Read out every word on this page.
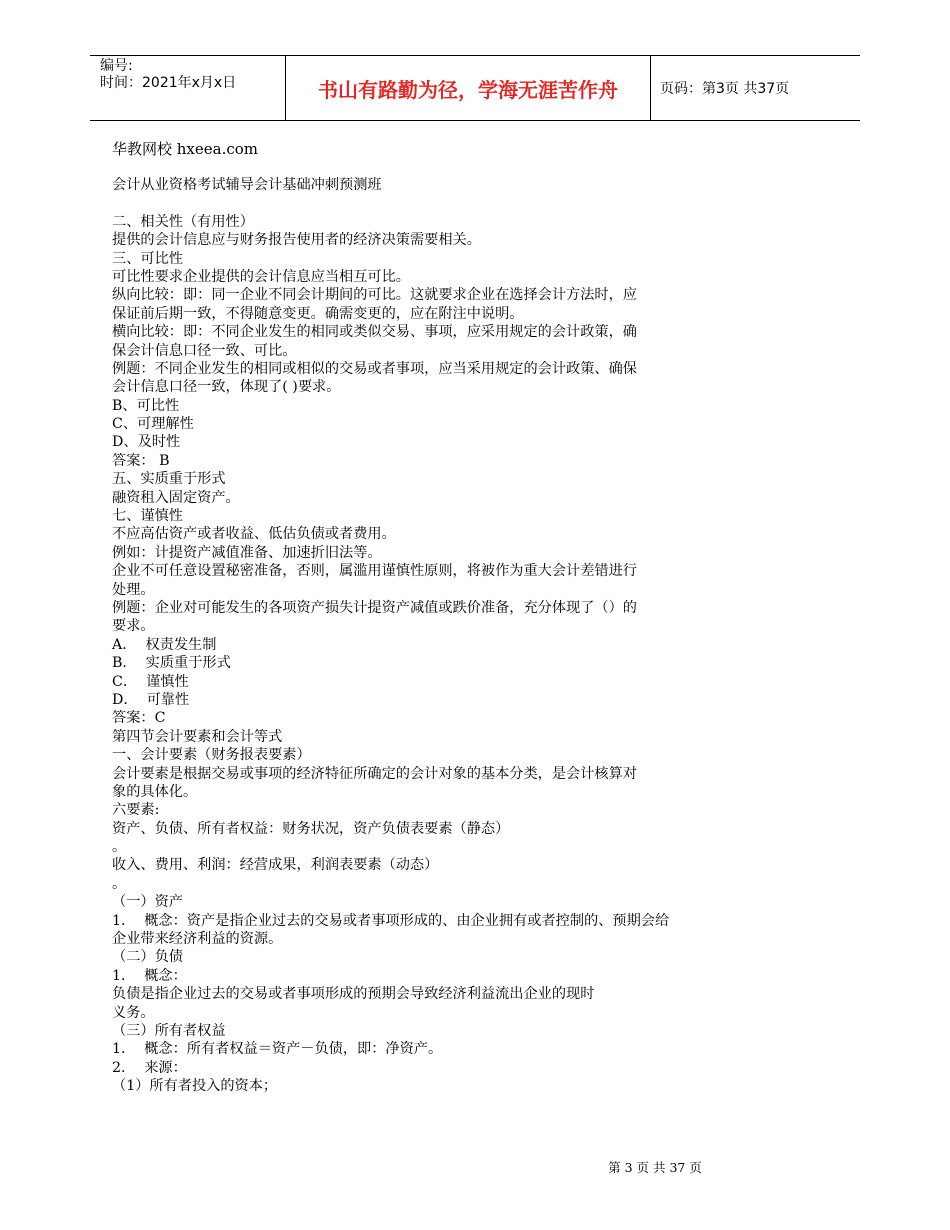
编号:
时间：2021年x月x日	书山有路勤为径，学海无涯苦作舟	页码：第3页 共37页
华教网校 hxeea.com
会计从业资格考试辅导会计基础冲刺预测班
二、相关性（有用性）
提供的会计信息应与财务报告使用者的经济决策需要相关。
三、可比性
可比性要求企业提供的会计信息应当相互可比。
纵向比较：即：同一企业不同会计期间的可比。这就要求企业在选择会计方法时，应
保证前后期一致，不得随意变更。确需变更的，应在附注中说明。
横向比较：即：不同企业发生的相同或类似交易、事项，应采用规定的会计政策，确
保会计信息口径一致、可比。
例题：不同企业发生的相同或相似的交易或者事项，应当采用规定的会计政策、确保
会计信息口径一致，体现了( )要求。
B、可比性
C、可理解性
D、及时性
答案： B
五、实质重于形式
融资租入固定资产。
七、谨慎性
不应高估资产或者收益、低估负债或者费用。
例如：计提资产减值准备、加速折旧法等。
企业不可任意设置秘密准备，否则，属滥用谨慎性原则，将被作为重大会计差错进行
处理。
例题：企业对可能发生的各项资产损失计提资产减值或跌价准备，充分体现了（）的
要求。
A．  权责发生制
B．  实质重于形式
C．  谨慎性
D．  可靠性
答案：C
第四节会计要素和会计等式
一、会计要素（财务报表要素）
会计要素是根据交易或事项的经济特征所确定的会计对象的基本分类，是会计核算对
象的具体化。
六要素:
资产、负债、所有者权益：财务状况，资产负债表要素（静态）
。
收入、费用、利润：经营成果，利润表要素（动态）
。
（一）资产
1．  概念：资产是指企业过去的交易或者事项形成的、由企业拥有或者控制的、预期会给
企业带来经济利益的资源。
（二）负债
1．  概念：
负债是指企业过去的交易或者事项形成的预期会导致经济利益流出企业的现时
义务。
（三）所有者权益
1．  概念：所有者权益＝资产－负债，即：净资产。
2．  来源：
（1）所有者投入的资本；
第 3 页 共 37 页
